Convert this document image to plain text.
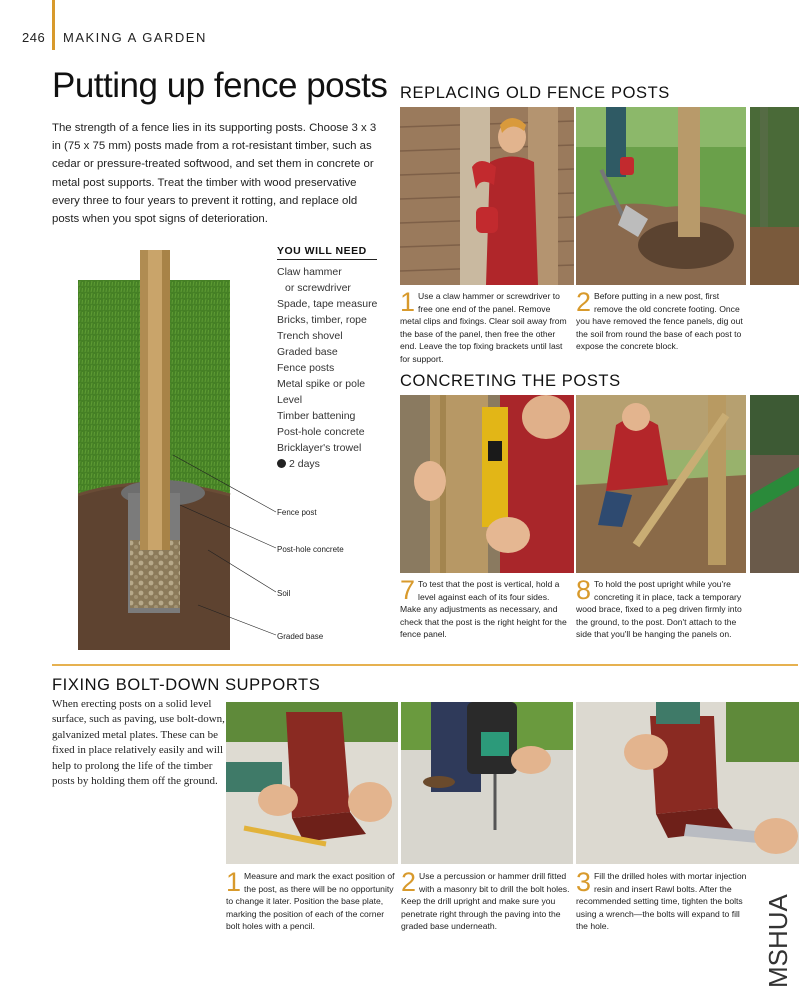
246 MAKING A GARDEN
Putting up fence posts

The strength of a fence lies in its supporting posts. Choose 3 x 3 in (75 x 75 mm) posts made from a rot-resistant timber, such as cedar or pressure-treated softwood, and set them in concrete or metal post supports. Treat the timber with wood preservative every three to four years to prevent it rotting, and replace old posts when you spot signs of deterioration.

Fence post
Post-hole concrete
Soil
Graded base
YOU WILL NEED
Claw hammer
or screwdriver
Spade, tape measure
Bricks, timber, rope
Trench shovel
Graded base
Fence posts
Metal spike or pole
Level
Timber battening
Post-hole concrete
Bricklayer's trowel
2 days
REPLACING OLD FENCE POSTS
1 Use a claw hammer or screwdriver to free one end of the panel. Remove metal clips and fixings. Clear soil away from the base of the panel, then free the other end. Leave the top fixing brackets until last for support.
2 Before putting in a new post, first remove the old concrete footing. Once you have removed the fence panels, dig out the soil from round the base of each post to expose the concrete block.
CONCRETING THE POSTS
7 To test that the post is vertical, hold a level against each of its four sides. Make any adjustments as necessary, and check that the post is the right height for the fence panel.
8 To hold the post upright while you're concreting it in place, tack a temporary wood brace, fixed to a peg driven firmly into the ground, to the post. Don't attach to the side that you'll be hanging the panels on.
FIXING BOLT-DOWN SUPPORTS

When erecting posts on a solid level surface, such as paving, use bolt-down, galvanized metal plates. These can be fixed in place relatively easily and will help to prolong the life of the timber posts by holding them off the ground.

1 Measure and mark the exact position of the post, as there will be no opportunity to change it later. Position the base plate, marking the position of each of the corner bolt holes with a pencil.
2 Use a percussion or hammer drill fitted with a masonry bit to drill the bolt holes. Keep the drill upright and make sure you penetrate right through the paving into the graded base underneath.
3 Fill the drilled holes with mortar injection resin and insert Rawl bolts. After the recommended setting time, tighten the bolts using a wrench—the bolts will expand to fill the hole.	MSHUA
